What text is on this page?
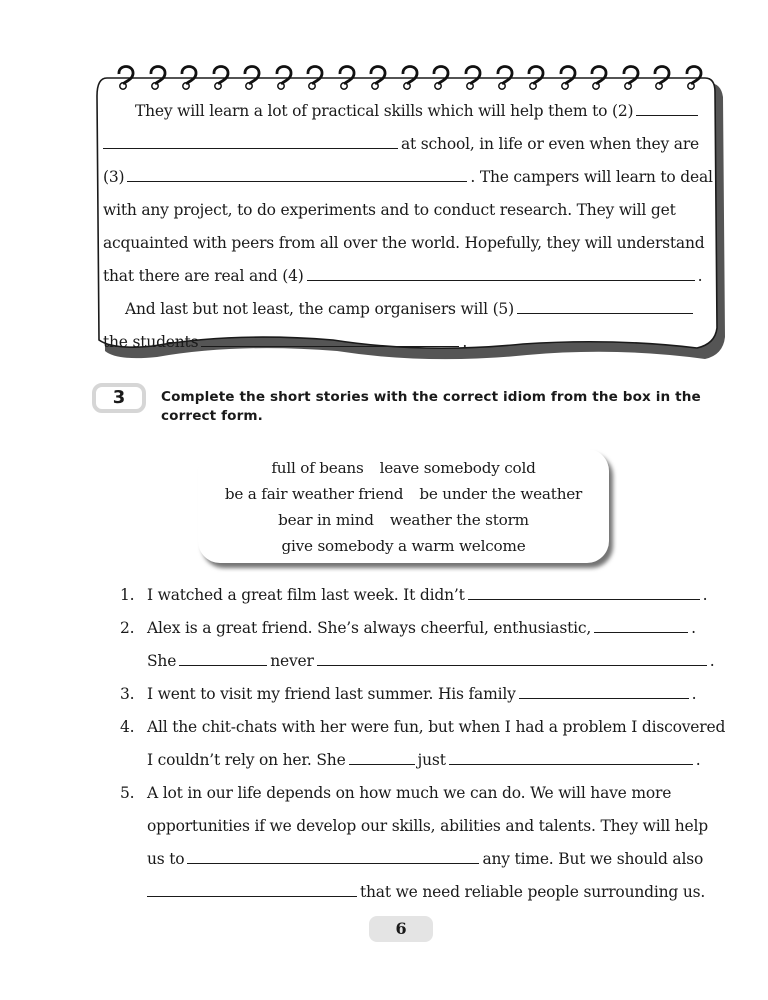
They will learn a lot of practical skills which will help them to (2)
at school, in life or even when they are
(3)	. The campers will learn to deal
with any project, to do experiments and to conduct research. They will get
acquainted with peers from all over the world. Hopefully, they will understand
that there are real and (4)	.
And last but not least, the camp organisers will (5)
the students	.
3	Complete the short stories with the correct idiom from the box in the correct form.
full of beans leave somebody cold
be a fair weather friend be under the weather
bear in mind weather the storm
give somebody a warm welcome
1. I watched a great film last week. It didn’t	.
2. Alex is a great friend. She’s always cheerful, enthusiastic,	.
She	never	.
3. I went to visit my friend last summer. His family	.
4. All the chit-chats with her were fun, but when I had a problem I discovered
I couldn’t rely on her. She	just	.
5. A lot in our life depends on how much we can do. We will have more
opportunities if we develop our skills, abilities and talents. They will help
us to	any time. But we should also
that we need reliable people surrounding us.
6
